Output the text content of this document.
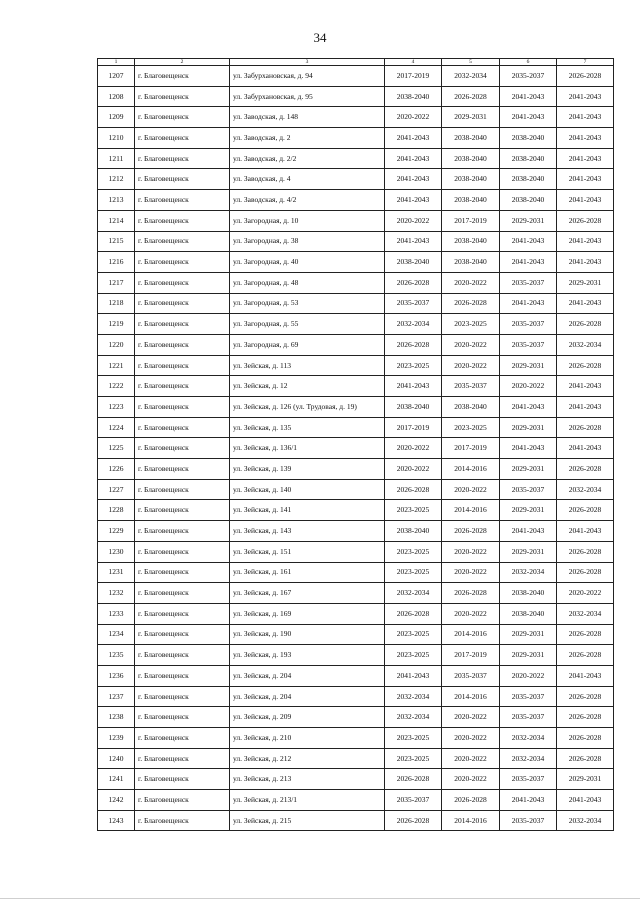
34
1	2	3	4	5	6	7
1207	г. Благовещенск	ул. Забурхановская, д. 94	2017-2019	2032-2034	2035-2037	2026-2028
1208	г. Благовещенск	ул. Забурхановская, д. 95	2038-2040	2026-2028	2041-2043	2041-2043
1209	г. Благовещенск	ул. Заводская, д. 148	2020-2022	2029-2031	2041-2043	2041-2043
1210	г. Благовещенск	ул. Заводская, д. 2	2041-2043	2038-2040	2038-2040	2041-2043
1211	г. Благовещенск	ул. Заводская, д. 2/2	2041-2043	2038-2040	2038-2040	2041-2043
1212	г. Благовещенск	ул. Заводская, д. 4	2041-2043	2038-2040	2038-2040	2041-2043
1213	г. Благовещенск	ул. Заводская, д. 4/2	2041-2043	2038-2040	2038-2040	2041-2043
1214	г. Благовещенск	ул. Загородная, д. 10	2020-2022	2017-2019	2029-2031	2026-2028
1215	г. Благовещенск	ул. Загородная, д. 38	2041-2043	2038-2040	2041-2043	2041-2043
1216	г. Благовещенск	ул. Загородная, д. 40	2038-2040	2038-2040	2041-2043	2041-2043
1217	г. Благовещенск	ул. Загородная, д. 48	2026-2028	2020-2022	2035-2037	2029-2031
1218	г. Благовещенск	ул. Загородная, д. 53	2035-2037	2026-2028	2041-2043	2041-2043
1219	г. Благовещенск	ул. Загородная, д. 55	2032-2034	2023-2025	2035-2037	2026-2028
1220	г. Благовещенск	ул. Загородная, д. 69	2026-2028	2020-2022	2035-2037	2032-2034
1221	г. Благовещенск	ул. Зейская, д. 113	2023-2025	2020-2022	2029-2031	2026-2028
1222	г. Благовещенск	ул. Зейская, д. 12	2041-2043	2035-2037	2020-2022	2041-2043
1223	г. Благовещенск	ул. Зейская, д. 126 (ул. Трудовая, д. 19)	2038-2040	2038-2040	2041-2043	2041-2043
1224	г. Благовещенск	ул. Зейская, д. 135	2017-2019	2023-2025	2029-2031	2026-2028
1225	г. Благовещенск	ул. Зейская, д. 136/1	2020-2022	2017-2019	2041-2043	2041-2043
1226	г. Благовещенск	ул. Зейская, д. 139	2020-2022	2014-2016	2029-2031	2026-2028
1227	г. Благовещенск	ул. Зейская, д. 140	2026-2028	2020-2022	2035-2037	2032-2034
1228	г. Благовещенск	ул. Зейская, д. 141	2023-2025	2014-2016	2029-2031	2026-2028
1229	г. Благовещенск	ул. Зейская, д. 143	2038-2040	2026-2028	2041-2043	2041-2043
1230	г. Благовещенск	ул. Зейская, д. 151	2023-2025	2020-2022	2029-2031	2026-2028
1231	г. Благовещенск	ул. Зейская, д. 161	2023-2025	2020-2022	2032-2034	2026-2028
1232	г. Благовещенск	ул. Зейская, д. 167	2032-2034	2026-2028	2038-2040	2020-2022
1233	г. Благовещенск	ул. Зейская, д. 169	2026-2028	2020-2022	2038-2040	2032-2034
1234	г. Благовещенск	ул. Зейская, д. 190	2023-2025	2014-2016	2029-2031	2026-2028
1235	г. Благовещенск	ул. Зейская, д. 193	2023-2025	2017-2019	2029-2031	2026-2028
1236	г. Благовещенск	ул. Зейская, д. 204	2041-2043	2035-2037	2020-2022	2041-2043
1237	г. Благовещенск	ул. Зейская, д. 204	2032-2034	2014-2016	2035-2037	2026-2028
1238	г. Благовещенск	ул. Зейская, д. 209	2032-2034	2020-2022	2035-2037	2026-2028
1239	г. Благовещенск	ул. Зейская, д. 210	2023-2025	2020-2022	2032-2034	2026-2028
1240	г. Благовещенск	ул. Зейская, д. 212	2023-2025	2020-2022	2032-2034	2026-2028
1241	г. Благовещенск	ул. Зейская, д. 213	2026-2028	2020-2022	2035-2037	2029-2031
1242	г. Благовещенск	ул. Зейская, д. 213/1	2035-2037	2026-2028	2041-2043	2041-2043
1243	г. Благовещенск	ул. Зейская, д. 215	2026-2028	2014-2016	2035-2037	2032-2034
